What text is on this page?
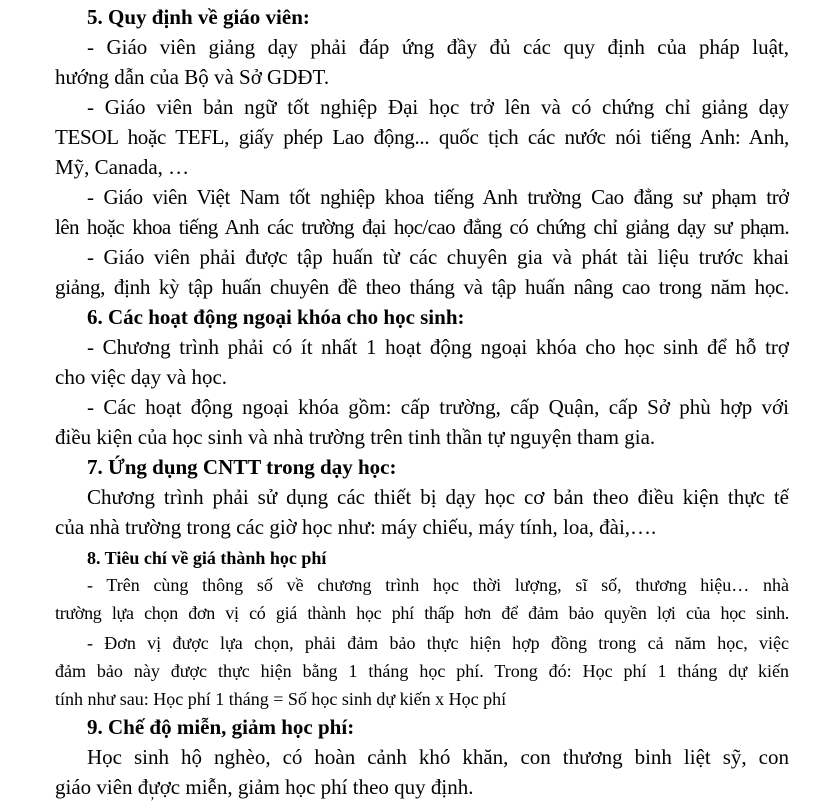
5. Quy định về giáo viên:

- Giáo viên giảng dạy phải đáp ứng đầy đủ các quy định của pháp luật,

hướng dẫn của Bộ và Sở GDĐT.

- Giáo viên bản ngữ tốt nghiệp Đại học trở lên và có chứng chỉ giảng dạy

TESOL hoặc TEFL, giấy phép Lao động... quốc tịch các nước nói tiếng Anh: Anh,

Mỹ, Canada, …

- Giáo viên Việt Nam tốt nghiệp khoa tiếng Anh trường Cao đẳng sư phạm trở

lên hoặc khoa tiếng Anh các trường đại học/cao đẳng có chứng chỉ giảng dạy sư phạm.

- Giáo viên phải được tập huấn từ các chuyên gia và phát tài liệu trước khai

giảng, định kỳ tập huấn chuyên đề theo tháng và tập huấn nâng cao trong năm học.

6. Các hoạt động ngoại khóa cho học sinh:

- Chương trình phải có ít nhất 1 hoạt động ngoại khóa cho học sinh để hỗ trợ

cho việc dạy và học.

- Các hoạt động ngoại khóa gồm: cấp trường, cấp Quận, cấp Sở phù hợp với

điều kiện của học sinh và nhà trường trên tinh thần tự nguyện tham gia.

7. Ứng dụng CNTT trong dạy học:

Chương trình phải sử dụng các thiết bị dạy học cơ bản theo điều kiện thực tế

của nhà trường trong các giờ học như: máy chiếu, máy tính, loa, đài,….

8. Tiêu chí về giá thành học phí

- Trên cùng thông số về chương trình học thời lượng, sĩ số, thương hiệu… nhà

trường lựa chọn đơn vị có giá thành học phí thấp hơn để đảm bảo quyền lợi của học sinh.

- Đơn vị được lựa chọn, phải đảm bảo thực hiện hợp đồng trong cả năm học, việc

đảm bảo này được thực hiện bằng 1 tháng học phí. Trong đó: Học phí 1 tháng dự kiến

tính như sau: Học phí 1 tháng = Số học sinh dự kiến x Học phí

9. Chế độ miễn, giảm học phí:

Học sinh hộ nghèo, có hoàn cảnh khó khăn, con thương binh liệt sỹ, con

giáo viên được miễn, giảm học phí theo quy định.

’
